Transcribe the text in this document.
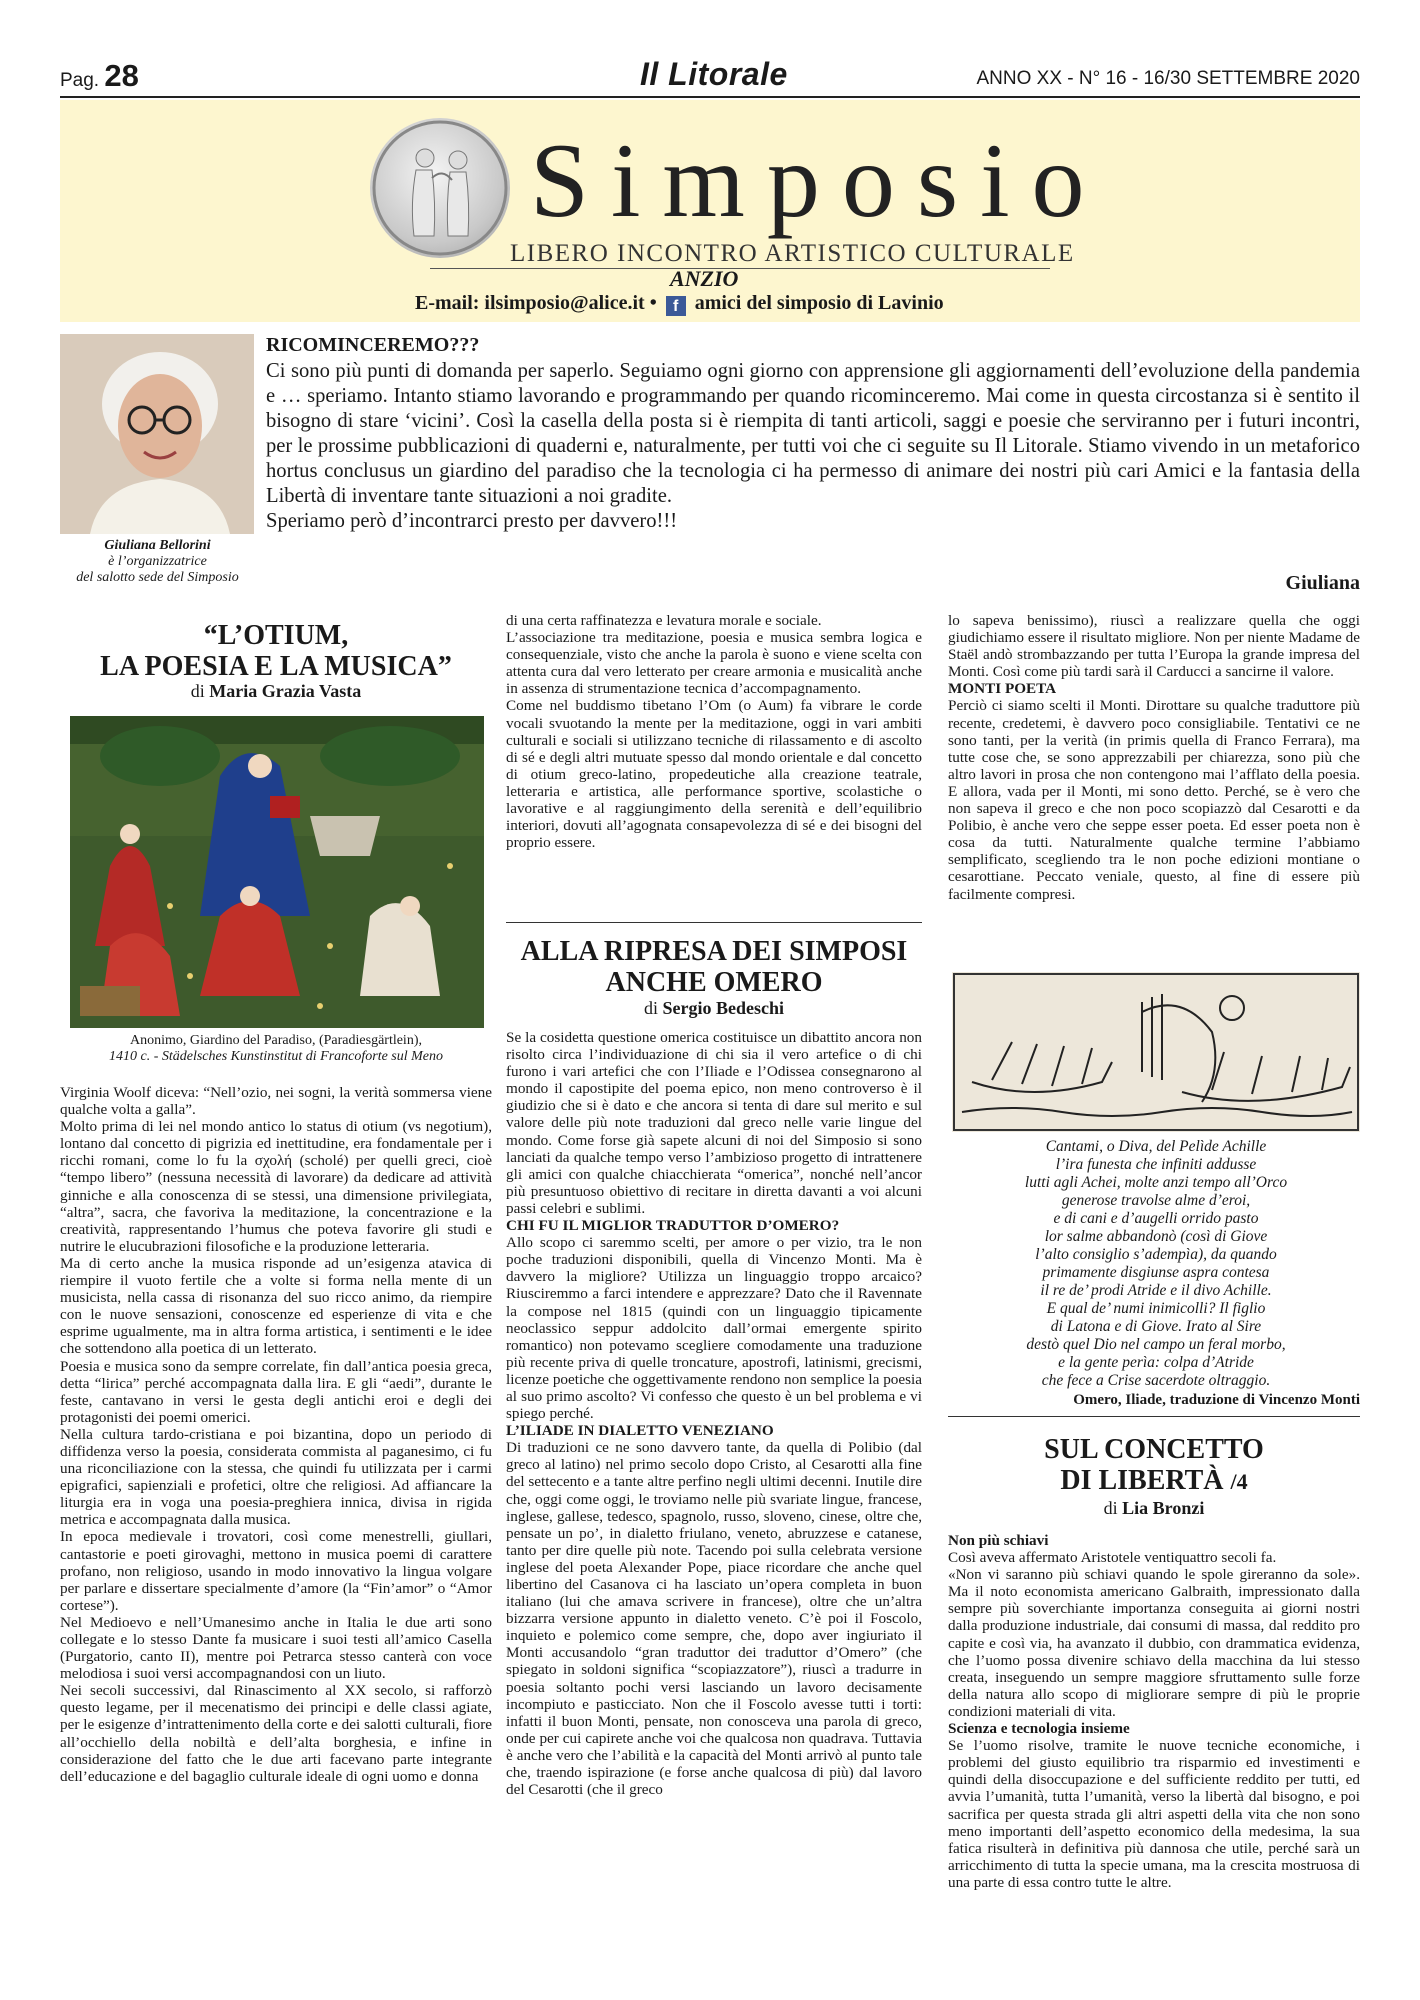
Pag. 28	Il Litorale	ANNO XX - N° 16 - 16/30 SETTEMBRE 2020
Simposio
LIBERO INCONTRO ARTISTICO CULTURALE
ANZIO
E-mail: ilsimposio@alice.it • f amici del simposio di Lavinio
Giuliana Bellorini
è l’organizzatrice
del salotto sede del Simposio

RICOMINCEREMO???

Ci sono più punti di domanda per saperlo. Seguiamo ogni giorno con apprensione gli aggiornamenti dell’evoluzione della pandemia e … speriamo. Intanto stiamo lavorando e programmando per quando ricominceremo. Mai come in questa circostanza si è sentito il bisogno di stare ‘vicini’. Così la casella della posta si è riempita di tanti articoli, saggi e poesie che serviranno per i futuri incontri, per le prossime pubblicazioni di quaderni e, naturalmente, per tutti voi che ci seguite su Il Litorale. Stiamo vivendo in un metaforico hortus conclusus un giardino del paradiso che la tecnologia ci ha permesso di animare dei nostri più cari Amici e la fantasia della Libertà di inventare tante situazioni a noi gradite.

Speriamo però d’incontrarci presto per davvero!!!

Giuliana
“L’OTIUM,
LA POESIA E LA MUSICA”
di Maria Grazia Vasta
Anonimo, Giardino del Paradiso, (Paradiesgärtlein),
1410 c. - Städelsches Kunstinstitut di Francoforte sul Meno

Virginia Woolf diceva: “Nell’ozio, nei sogni, la verità sommersa viene qualche volta a galla”.

Molto prima di lei nel mondo antico lo status di otium (vs negotium), lontano dal concetto di pigrizia ed inettitudine, era fondamentale per i ricchi romani, come lo fu la σχολή (scholé) per quelli greci, cioè “tempo libero” (nessuna necessità di lavorare) da dedicare ad attività ginniche e alla conoscenza di se stessi, una dimensione privilegiata, “altra”, sacra, che favoriva la meditazione, la concentrazione e la creatività, rappresentando l’humus che poteva favorire gli studi e nutrire le elucubrazioni filosofiche e la produzione letteraria.

Ma di certo anche la musica risponde ad un’esigenza atavica di riempire il vuoto fertile che a volte si forma nella mente di un musicista, nella cassa di risonanza del suo ricco animo, da riempire con le nuove sensazioni, conoscenze ed esperienze di vita e che esprime ugualmente, ma in altra forma artistica, i sentimenti e le idee che sottendono alla poetica di un letterato.

Poesia e musica sono da sempre correlate, fin dall’antica poesia greca, detta “lirica” perché accompagnata dalla lira. E gli “aedi”, durante le feste, cantavano in versi le gesta degli antichi eroi e degli dei protagonisti dei poemi omerici.

Nella cultura tardo-cristiana e poi bizantina, dopo un periodo di diffidenza verso la poesia, considerata commista al paganesimo, ci fu una riconciliazione con la stessa, che quindi fu utilizzata per i carmi epigrafici, sapienziali e profetici, oltre che religiosi. Ad affiancare la liturgia era in voga una poesia-preghiera innica, divisa in rigida metrica e accompagnata dalla musica.

In epoca medievale i trovatori, così come menestrelli, giullari, cantastorie e poeti girovaghi, mettono in musica poemi di carattere profano, non religioso, usando in modo innovativo la lingua volgare per parlare e dissertare specialmente d’amore (la “Fin’amor” o “Amor cortese”).

Nel Medioevo e nell’Umanesimo anche in Italia le due arti sono collegate e lo stesso Dante fa musicare i suoi testi all’amico Casella (Purgatorio, canto II), mentre poi Petrarca stesso canterà con voce melodiosa i suoi versi accompagnandosi con un liuto.

Nei secoli successivi, dal Rinascimento al XX secolo, si rafforzò questo legame, per il mecenatismo dei principi e delle classi agiate, per le esigenze d’intrattenimento della corte e dei salotti culturali, fiore all’occhiello della nobiltà e dell’alta borghesia, e infine in considerazione del fatto che le due arti facevano parte integrante dell’educazione e del bagaglio culturale ideale di ogni uomo e donna

di una certa raffinatezza e levatura morale e sociale.

L’associazione tra meditazione, poesia e musica sembra logica e consequenziale, visto che anche la parola è suono e viene scelta con attenta cura dal vero letterato per creare armonia e musicalità anche in assenza di strumentazione tecnica d’accompagnamento.

Come nel buddismo tibetano l’Om (o Aum) fa vibrare le corde vocali svuotando la mente per la meditazione, oggi in vari ambiti culturali e sociali si utilizzano tecniche di rilassamento e di ascolto di sé e degli altri mutuate spesso dal mondo orientale e dal concetto di otium greco-latino, propedeutiche alla creazione teatrale, letteraria e artistica, alle performance sportive, scolastiche o lavorative e al raggiungimento della serenità e dell’equilibrio interiori, dovuti all’agognata consapevolezza di sé e dei bisogni del proprio essere.

ALLA RIPRESA DEI SIMPOSI
ANCHE OMERO
di Sergio Bedeschi

Se la cosidetta questione omerica costituisce un dibattito ancora non risolto circa l’individuazione di chi sia il vero artefice o di chi furono i vari artefici che con l’Iliade e l’Odissea consegnarono al mondo il capostipite del poema epico, non meno controverso è il giudizio che si è dato e che ancora si tenta di dare sul merito e sul valore delle più note traduzioni dal greco nelle varie lingue del mondo. Come forse già sapete alcuni di noi del Simposio si sono lanciati da qualche tempo verso l’ambizioso progetto di intrattenere gli amici con qualche chiacchierata “omerica”, nonché nell’ancor più presuntuoso obiettivo di recitare in diretta davanti a voi alcuni passi celebri e sublimi.

CHI FU IL MIGLIOR TRADUTTOR D’OMERO?

Allo scopo ci saremmo scelti, per amore o per vizio, tra le non poche traduzioni disponibili, quella di Vincenzo Monti. Ma è davvero la migliore? Utilizza un linguaggio troppo arcaico? Riusciremmo a farci intendere e apprezzare? Dato che il Ravennate la compose nel 1815 (quindi con un linguaggio tipicamente neoclassico seppur addolcito dall’ormai emergente spirito romantico) non potevamo scegliere comodamente una traduzione più recente priva di quelle troncature, apostrofi, latinismi, grecismi, licenze poetiche che oggettivamente rendono non semplice la poesia al suo primo ascolto? Vi confesso che questo è un bel problema e vi spiego perché.

L’ILIADE IN DIALETTO VENEZIANO

Di traduzioni ce ne sono davvero tante, da quella di Polibio (dal greco al latino) nel primo secolo dopo Cristo, al Cesarotti alla fine del settecento e a tante altre perfino negli ultimi decenni. Inutile dire che, oggi come oggi, le troviamo nelle più svariate lingue, francese, inglese, gallese, tedesco, spagnolo, russo, sloveno, cinese, oltre che, pensate un po’, in dialetto friulano, veneto, abruzzese e catanese, tanto per dire quelle più note. Tacendo poi sulla celebrata versione inglese del poeta Alexander Pope, piace ricordare che anche quel libertino del Casanova ci ha lasciato un’opera completa in buon italiano (lui che amava scrivere in francese), oltre che un’altra bizzarra versione appunto in dialetto veneto. C’è poi il Foscolo, inquieto e polemico come sempre, che, dopo aver ingiuriato il Monti accusandolo “gran traduttor dei traduttor d’Omero” (che spiegato in soldoni significa “scopiazzatore”), riuscì a tradurre in poesia soltanto pochi versi lasciando un lavoro decisamente incompiuto e pasticciato. Non che il Foscolo avesse tutti i torti: infatti il buon Monti, pensate, non conosceva una parola di greco, onde per cui capirete anche voi che qualcosa non quadrava. Tuttavia è anche vero che l’abilità e la capacità del Monti arrivò al punto tale che, traendo ispirazione (e forse anche qualcosa di più) dal lavoro del Cesarotti (che il greco

lo sapeva benissimo), riuscì a realizzare quella che oggi giudichiamo essere il risultato migliore. Non per niente Madame de Staël andò strombazzando per tutta l’Europa la grande impresa del Monti. Così come più tardi sarà il Carducci a sancirne il valore.

MONTI POETA

Perciò ci siamo scelti il Monti. Dirottare su qualche traduttore più recente, credetemi, è davvero poco consigliabile. Tentativi ce ne sono tanti, per la verità (in primis quella di Franco Ferrara), ma tutte cose che, se sono apprezzabili per chiarezza, sono più che altro lavori in prosa che non contengono mai l’afflato della poesia. E allora, vada per il Monti, mi sono detto. Perché, se è vero che non sapeva il greco e che non poco scopiazzò dal Cesarotti e da Polibio, è anche vero che seppe esser poeta. Ed esser poeta non è cosa da tutti. Naturalmente qualche termine l’abbiamo semplificato, scegliendo tra le non poche edizioni montiane o cesarottiane. Peccato veniale, questo, al fine di essere più facilmente compresi.

Cantami, o Diva, del Pelìde Achille
l’ira funesta che infiniti addusse
lutti agli Achei, molte anzi tempo all’Orco
generose travolse alme d’eroi,
e di cani e d’augelli orrido pasto
lor salme abbandonò (così di Giove
l’alto consiglio s’adempìa), da quando
primamente disgiunse aspra contesa
il re de’ prodi Atride e il divo Achille.
E qual de’ numi inimicolli? Il figlio
di Latona e di Giove. Irato al Sire
destò quel Dio nel campo un feral morbo,
e la gente perìa: colpa d’Atride
che fece a Crise sacerdote oltraggio.
Omero, Iliade, traduzione di Vincenzo Monti
SUL CONCETTO
DI LIBERTÀ /4
di Lia Bronzi
Non più schiavi

Così aveva affermato Aristotele ventiquattro secoli fa.

«Non vi saranno più schiavi quando le spole gireranno da sole». Ma il noto economista americano Galbraith, impressionato dalla sempre più soverchiante importanza conseguita ai giorni nostri dalla produzione industriale, dai consumi di massa, dal reddito pro capite e così via, ha avanzato il dubbio, con drammatica evidenza, che l’uomo possa divenire schiavo della macchina da lui stesso creata, inseguendo un sempre maggiore sfruttamento sulle forze della natura allo scopo di migliorare sempre di più le proprie condizioni materiali di vita.

Scienza e tecnologia insieme

Se l’uomo risolve, tramite le nuove tecniche economiche, i problemi del giusto equilibrio tra risparmio ed investimenti e quindi della disoccupazione e del sufficiente reddito per tutti, ed avvia l’umanità, tutta l’umanità, verso la libertà dal bisogno, e poi sacrifica per questa strada gli altri aspetti della vita che non sono meno importanti dell’aspetto economico della medesima, la sua fatica risulterà in definitiva più dannosa che utile, perché sarà un arricchimento di tutta la specie umana, ma la crescita mostruosa di una parte di essa contro tutte le altre.
